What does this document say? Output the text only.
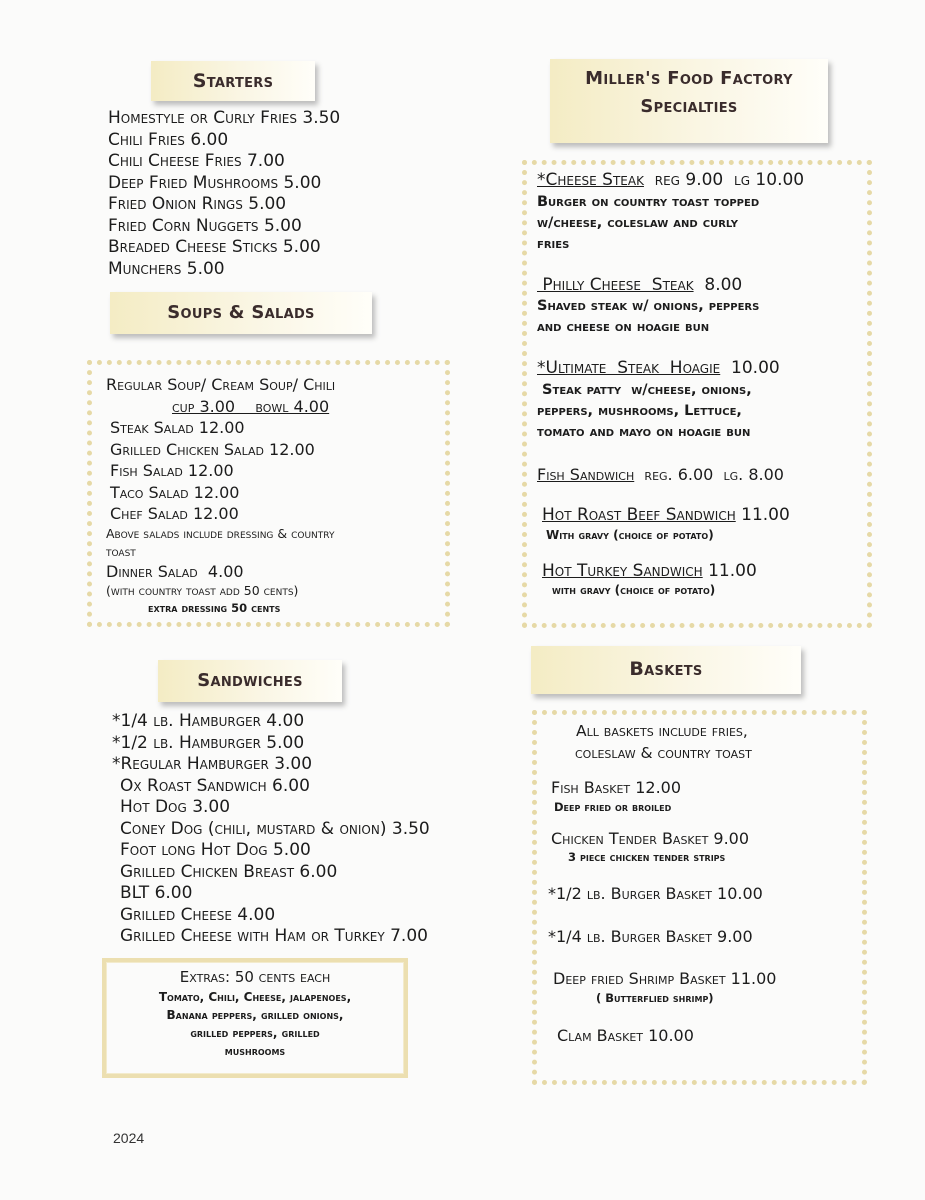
Starters
Homestyle or Curly Fries 3.50
Chili Fries 6.00
Chili Cheese Fries 7.00
Deep Fried Mushrooms 5.00
Fried Onion Rings 5.00
Fried Corn Nuggets 5.00
Breaded Cheese Sticks 5.00
Munchers 5.00
Soups & Salads
Regular Soup/ Cream Soup/ Chili
cup 3.00    bowl 4.00
Steak Salad 12.00
Grilled Chicken Salad 12.00
Fish Salad 12.00
Taco Salad 12.00
Chef Salad 12.00
Above salads include dressing & country
toast
Dinner Salad  4.00
(with country toast add 50 cents)
extra dressing 50 cents
Sandwiches
*1/4 lb. Hamburger 4.00
*1/2 lb. Hamburger 5.00
*Regular Hamburger 3.00
Ox Roast Sandwich 6.00
Hot Dog 3.00
Coney Dog (chili, mustard & onion) 3.50
Foot long Hot Dog 5.00
Grilled Chicken Breast 6.00
BLT 6.00
Grilled Cheese 4.00
Grilled Cheese with Ham or Turkey 7.00
Extras: 50 cents each
Tomato, Chili, Cheese, jalapenoes,
Banana peppers, grilled onions,
grilled peppers, grilled
mushrooms
Miller's Food Factory
Specialties
*Cheese Steak  reg 9.00  lg 10.00
Burger on country toast topped
w/cheese, coleslaw and curly
fries
Philly Cheese  Steak  8.00
Shaved steak w/ onions, peppers
and cheese on hoagie bun
*Ultimate  Steak  Hoagie  10.00
Steak patty  w/cheese, onions,
peppers, mushrooms, Lettuce,
tomato and mayo on hoagie bun
Fish Sandwich  reg. 6.00  lg. 8.00
Hot Roast Beef Sandwich 11.00
With gravy (choice of potato)
Hot Turkey Sandwich 11.00
with gravy (choice of potato)
Baskets
All baskets include fries,
coleslaw & country toast
Fish Basket 12.00
Deep fried or broiled
Chicken Tender Basket 9.00
3 piece chicken tender strips
*1/2 lb. Burger Basket 10.00
*1/4 lb. Burger Basket 9.00
Deep fried Shrimp Basket 11.00
( Butterflied shrimp)
Clam Basket 10.00
2024
